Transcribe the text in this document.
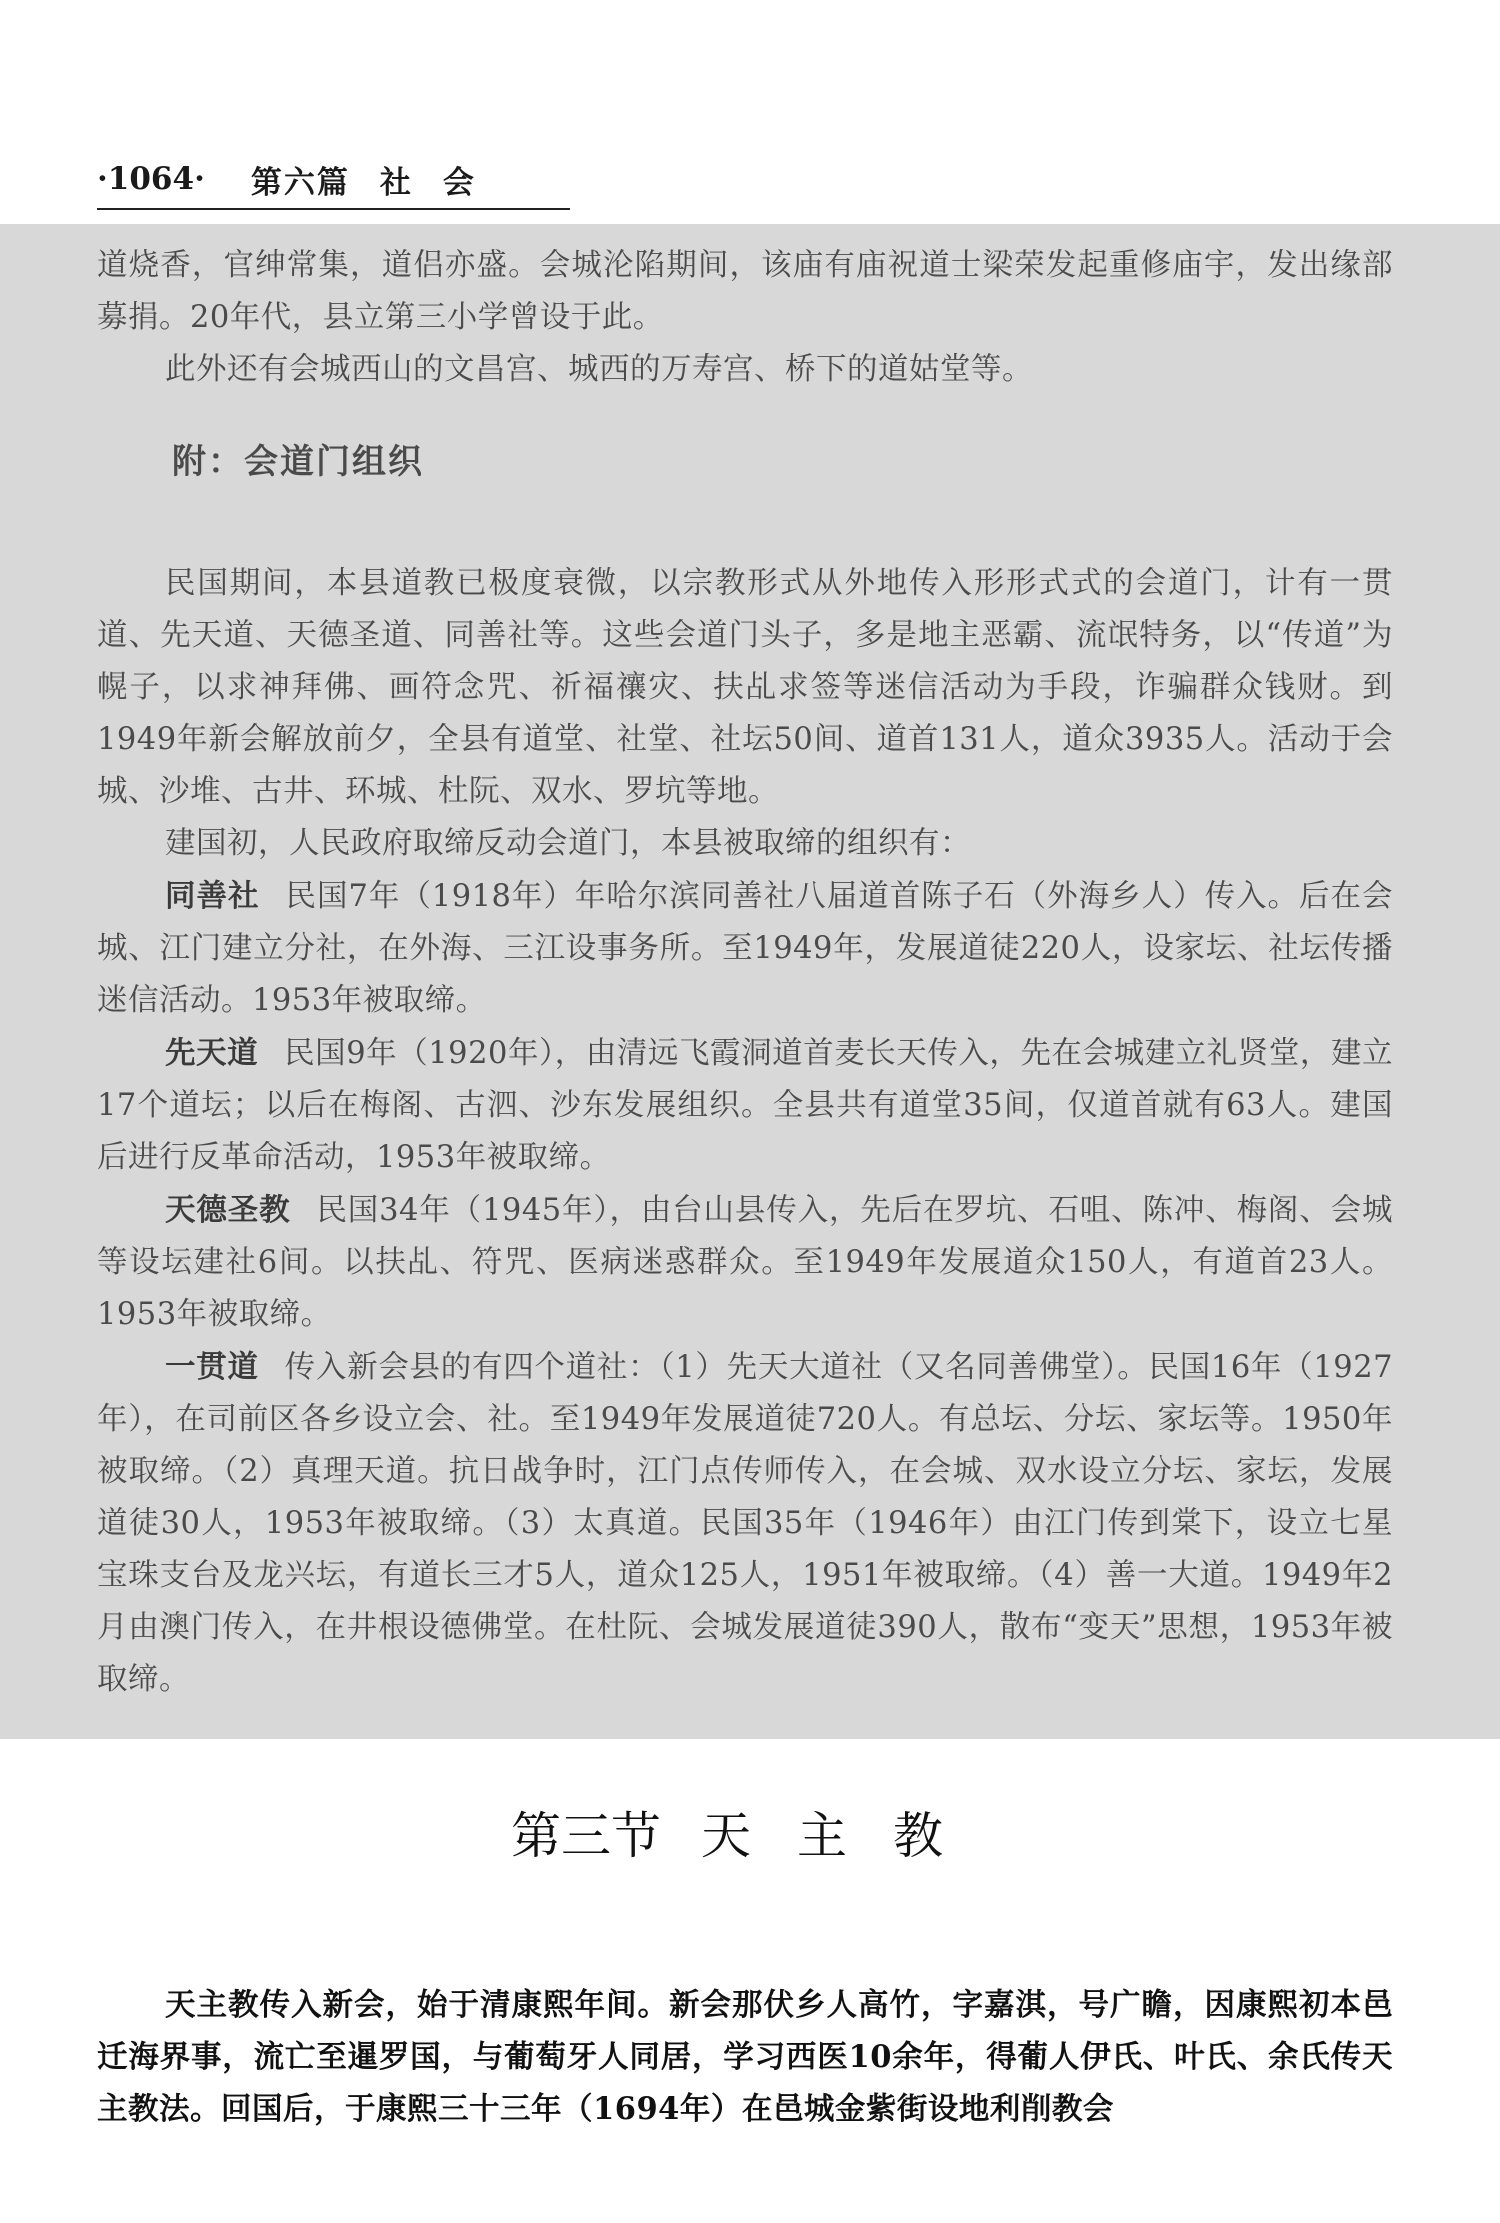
·1064· 第六篇 社 会

道烧香，官绅常集，道侣亦盛。会城沦陷期间，该庙有庙祝道士梁荣发起重修庙宇，发出缘部募捐。20年代，县立第三小学曾设于此。

此外还有会城西山的文昌宫、城西的万寿宫、桥下的道姑堂等。

附：会道门组织

民国期间，本县道教已极度衰微，以宗教形式从外地传入形形式式的会道门，计有一贯道、先天道、天德圣道、同善社等。这些会道门头子，多是地主恶霸、流氓特务，以“传道”为幌子，以求神拜佛、画符念咒、祈福禳灾、扶乩求签等迷信活动为手段，诈骗群众钱财。到1949年新会解放前夕，全县有道堂、社堂、社坛50间、道首131人，道众3935人。活动于会城、沙堆、古井、环城、杜阮、双水、罗坑等地。

建国初，人民政府取缔反动会道门，本县被取缔的组织有：

同善社 民国7年（1918年）年哈尔滨同善社八届道首陈子石（外海乡人）传入。后在会城、江门建立分社，在外海、三江设事务所。至1949年，发展道徒220人，设家坛、社坛传播迷信活动。1953年被取缔。

先天道 民国9年（1920年），由清远飞霞洞道首麦长天传入，先在会城建立礼贤堂，建立17个道坛；以后在梅阁、古泗、沙东发展组织。全县共有道堂35间，仅道首就有63人。建国后进行反革命活动，1953年被取缔。

天德圣教 民国34年（1945年），由台山县传入，先后在罗坑、石咀、陈冲、梅阁、会城等设坛建社6间。以扶乩、符咒、医病迷惑群众。至1949年发展道众150人，有道首23人。1953年被取缔。

一贯道 传入新会县的有四个道社：（1）先天大道社（又名同善佛堂）。民国16年（1927年），在司前区各乡设立会、社。至1949年发展道徒720人。有总坛、分坛、家坛等。1950年被取缔。（2）真理天道。抗日战争时，江门点传师传入，在会城、双水设立分坛、家坛，发展道徒30人，1953年被取缔。（3）太真道。民国35年（1946年）由江门传到棠下，设立七星宝珠支台及龙兴坛，有道长三才5人，道众125人，1951年被取缔。（4）善一大道。1949年2月由澳门传入，在井根设德佛堂。在杜阮、会城发展道徒390人，散布“变天”思想，1953年被取缔。

第三节 天主教

天主教传入新会，始于清康熙年间。新会那伏乡人高竹，字嘉淇，号广瞻，因康熙初本邑迁海界事，流亡至暹罗国，与葡萄牙人同居，学习西医10余年，得葡人伊氏、叶氏、余氏传天主教法。回国后，于康熙三十三年（1694年）在邑城金紫街设地利削教会
